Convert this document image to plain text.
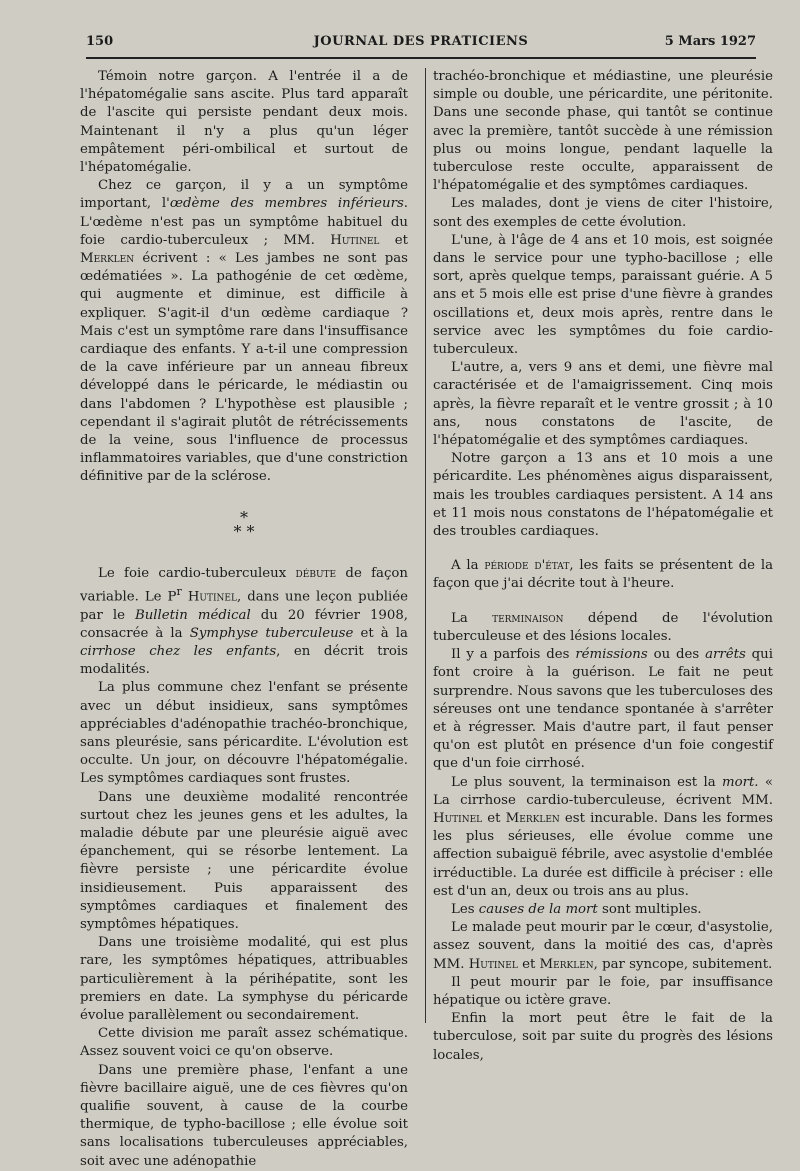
150	JOURNAL DES PRATICIENS	5 Mars 1927

Témoin notre garçon. A l'entrée il a de l'hépatomégalie sans ascite. Plus tard apparaît de l'ascite qui persiste pendant deux mois. Maintenant il n'y a plus qu'un léger empâtement péri-ombilical et surtout de l'hépatomégalie.

Chez ce garçon, il y a un symptôme important, l'œdème des membres inférieurs. L'œdème n'est pas un symptôme habituel du foie cardio-tuberculeux ; MM. Hutinel et Merklen écrivent : « Les jambes ne sont pas œdématiées ». La pathogénie de cet œdème, qui augmente et diminue, est difficile à expliquer. S'agit-il d'un œdème cardiaque ? Mais c'est un symptôme rare dans l'insuffisance cardiaque des enfants. Y a-t-il une compression de la cave inférieure par un anneau fibreux développé dans le péricarde, le médiastin ou dans l'abdomen ? L'hypothèse est plausible ; cependant il s'agirait plutôt de rétrécissements de la veine, sous l'influence de processus inflammatoires variables, que d'une constriction définitive par de la sclérose.

*
* *

Le foie cardio-tuberculeux débute de façon variable. Le $P^r$ Hutinel, dans une leçon publiée par le Bulletin médical du 20 février 1908, consacrée à la Symphyse tuberculeuse et à la cirrhose chez les enfants, en décrit trois modalités.

La plus commune chez l'enfant se présente avec un début insidieux, sans symptômes appréciables d'adénopathie trachéo-bronchique, sans pleurésie, sans péricardite. L'évolution est occulte. Un jour, on découvre l'hépatomégalie. Les symptômes cardiaques sont frustes.

Dans une deuxième modalité rencontrée surtout chez les jeunes gens et les adultes, la maladie débute par une pleurésie aiguë avec épanchement, qui se résorbe lentement. La fièvre persiste ; une péricardite évolue insidieusement. Puis apparaissent des symptômes cardiaques et finalement des symptômes hépatiques.

Dans une troisième modalité, qui est plus rare, les symptômes hépatiques, attribuables particulièrement à la périhépatite, sont les premiers en date. La symphyse du péricarde évolue parallèlement ou secondairement.

Cette division me paraît assez schématique. Assez souvent voici ce qu'on observe.

Dans une première phase, l'enfant a une fièvre bacillaire aiguë, une de ces fièvres qu'on qualifie souvent, à cause de la courbe thermique, de typho-bacillose ; elle évolue soit sans localisations tuberculeuses appréciables, soit avec une adénopathie

trachéo-bronchique et médiastine, une pleurésie simple ou double, une péricardite, une péritonite. Dans une seconde phase, qui tantôt se continue avec la première, tantôt succède à une rémission plus ou moins longue, pendant laquelle la tuberculose reste occulte, apparaissent de l'hépatomégalie et des symptômes cardiaques.

Les malades, dont je viens de citer l'histoire, sont des exemples de cette évolution.

L'une, à l'âge de 4 ans et 10 mois, est soignée dans le service pour une typho-bacillose ; elle sort, après quelque temps, paraissant guérie. A 5 ans et 5 mois elle est prise d'une fièvre à grandes oscillations et, deux mois après, rentre dans le service avec les symptômes du foie cardio-tuberculeux.

L'autre, a, vers 9 ans et demi, une fièvre mal caractérisée et de l'amaigrissement. Cinq mois après, la fièvre reparaît et le ventre grossit ; à 10 ans, nous constatons de l'ascite, de l'hépatomégalie et des symptômes cardiaques.

Notre garçon a 13 ans et 10 mois a une péricardite. Les phénomènes aigus disparaissent, mais les troubles cardiaques persistent. A 14 ans et 11 mois nous constatons de l'hépatomégalie et des troubles cardiaques.

A la période d'état, les faits se présentent de la façon que j'ai décrite tout à l'heure.

La terminaison dépend de l'évolution tuberculeuse et des lésions locales.

Il y a parfois des rémissions ou des arrêts qui font croire à la guérison. Le fait ne peut surprendre. Nous savons que les tuberculoses des séreuses ont une tendance spontanée à s'arrêter et à régresser. Mais d'autre part, il faut penser qu'on est plutôt en présence d'un foie congestif que d'un foie cirrhosé.

Le plus souvent, la terminaison est la mort. « La cirrhose cardio-tuberculeuse, écrivent MM. Hutinel et Merklen est incurable. Dans les formes les plus sérieuses, elle évolue comme une affection subaiguë fébrile, avec asystolie d'emblée irréductible. La durée est difficile à préciser : elle est d'un an, deux ou trois ans au plus.

Les causes de la mort sont multiples.

Le malade peut mourir par le cœur, d'asystolie, assez souvent, dans la moitié des cas, d'après MM. Hutinel et Merklen, par syncope, subitement.

Il peut mourir par le foie, par insuffisance hépatique ou ictère grave.

Enfin la mort peut être le fait de la tuberculose, soit par suite du progrès des lésions locales,
